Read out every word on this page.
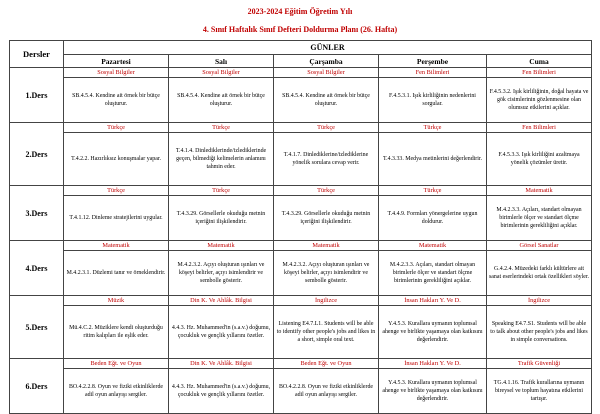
2023-2024 Eğitim Öğretim Yılı
4. Sınıf Haftalık Sınıf Defteri Doldurma Planı (26. Hafta)
Dersler	GÜNLER				
	Pazartesi	Salı	Çarşamba	Perşembe	Cuma
1.Ders	Sosyal Bilgiler	Sosyal Bilgiler	Sosyal Bilgiler	Fen Bilimleri	Fen Bilimleri

	SB.4.5.4. Kendine ait örnek bir bütçe oluşturur.	SB.4.5.4. Kendine ait örnek bir bütçe oluşturur.	SB.4.5.4. Kendine ait örnek bir bütçe oluşturur.	F.4.5.3.1. Işık kirliliğinin nedenlerini sorgular.	F.4.5.3.2. Işık kirliliğinin, doğal hayata ve gök cisimlerinin gözlenmesine olan olumsuz etkilerini açıklar.

2.Ders	Türkçe	Türkçe	Türkçe	Türkçe	Fen Bilimleri

	T.4.2.2. Hazırlıksız konuşmalar yapar.	T.4.1.4. Dinlediklerinde/izlediklerinde geçen, bilmediği kelimelerin anlamını tahmin eder.	T.4.1.7. Dinlediklerine/izlediklerine yönelik sorulara cevap verir.	T.4.3.33. Medya metinlerini değerlendirir.	F.4.5.3.3. Işık kirliliğini azaltmaya yönelik çözümler üretir.

3.Ders	Türkçe	Türkçe	Türkçe	Türkçe	Matematik

	T.4.1.12. Dinleme stratejilerini uygular.	T.4.3.29. Görsellerle okuduğu metnin içeriğini ilişkilendirir.	T.4.3.29. Görsellerle okuduğu metnin içeriğini ilişkilendirir.	T.4.4.9. Formları yönergelerine uygun doldurur.	M.4.2.3.3. Açıları, standart olmayan birimlerle ölçer ve standart ölçme birimlerinin gerekliliğini açıklar.

4.Ders	Matematik	Matematik	Matematik	Matematik	Görsel Sanatlar

	M.4.2.3.1. Düzlemi tanır ve örneklendirir.	M.4.2.3.2. Açıyı oluşturan ışınları ve köşeyi belirler, açıyı isimlendirir ve sembolle gösterir.	M.4.2.3.2. Açıyı oluşturan ışınları ve köşeyi belirler, açıyı isimlendirir ve sembolle gösterir.	M.4.2.3.3. Açıları, standart olmayan birimlerle ölçer ve standart ölçme birimlerinin gerekliliğini açıklar.	G.4.2.4. Müzedeki farklı kültürlere ait sanat eserlerindeki ortak özellikleri söyler.

5.Ders	Müzik	Din K. Ve Ahlâk. Bilgisi	İngilizce	İnsan Hakları Y. Ve D.	İngilizce

	Mü.4.C.2. Müziklere kendi oluşturduğu ritim kalıpları ile eşlik eder.	4.4.3. Hz. Muhammed'in (s.a.v.) doğumu, çocukluk ve gençlik yıllarını özetler.	Listening E4.7.L1. Students will be able to identify other people's jobs and likes in a short, simple oral text.	Y.4.5.3. Kurallara uymanın toplumsal ahenge ve birlikte yaşamaya olan katkısını değerlendirir.	Speaking E4.7.S1. Students will be able to talk about other people's jobs and likes in simple conversations.

6.Ders	Beden Eğt. ve Oyun	Din K. Ve Ahlâk. Bilgisi	Beden Eğt. ve Oyun	İnsan Hakları Y. Ve D.	Trafik Güvenliği

	BO.4.2.2.8. Oyun ve fiziki etkinliklerde adil oyun anlayışı sergiler.	4.4.3. Hz. Muhammed'in (s.a.v.) doğumu, çocukluk ve gençlik yıllarını özetler.	BO.4.2.2.8. Oyun ve fiziki etkinliklerde adil oyun anlayışı sergiler.	Y.4.5.3. Kurallara uymanın toplumsal ahenge ve birlikte yaşamaya olan katkısını değerlendirir.	TG.4.1.16. Trafik kurallarına uymanın bireysel ve toplum hayatına etkilerini tartışır.
